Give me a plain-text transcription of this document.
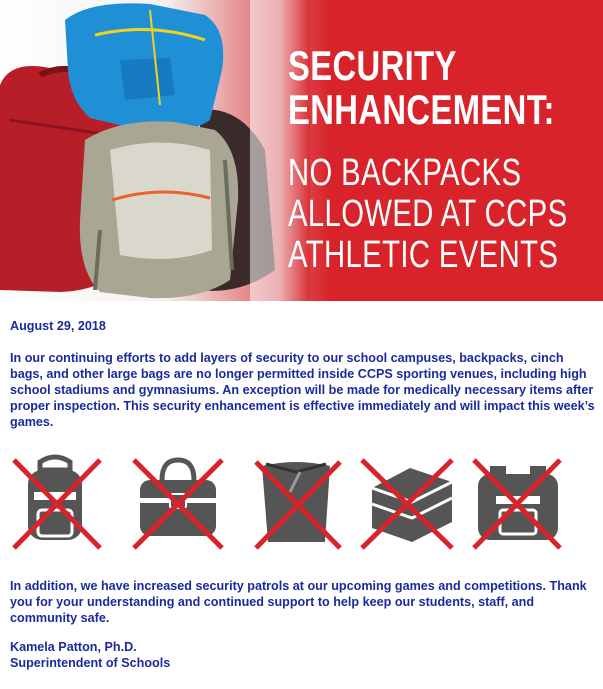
SECURITY
ENHANCEMENT:
NO BACKPACKS
ALLOWED AT CCPS
ATHLETIC EVENTS

August 29, 2018

In our continuing efforts to add layers of security to our school campuses, backpacks, cinch bags, and other large bags are no longer permitted inside CCPS sporting venues, including high school stadiums and gymnasiums. An exception will be made for medically necessary items after proper inspection. This security enhancement is effective immediately and will impact this week’s games.

In addition, we have increased security patrols at our upcoming games and competitions. Thank you for your understanding and continued support to help keep our students, staff, and community safe.

Kamela Patton, Ph.D.

Superintendent of Schools
